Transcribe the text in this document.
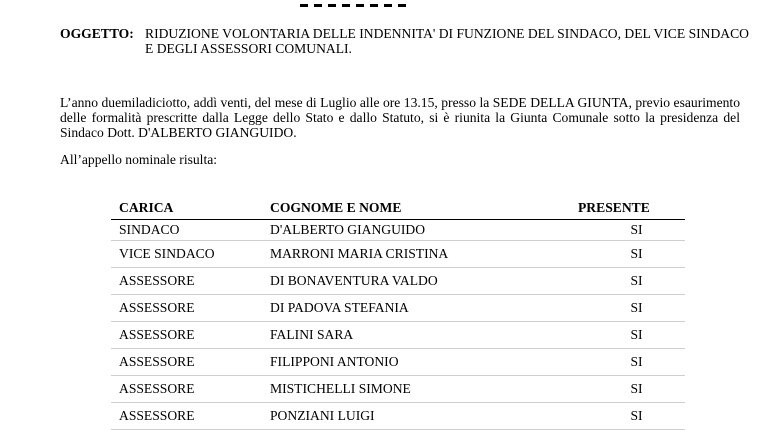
OGGETTO: RIDUZIONE VOLONTARIA DELLE INDENNITA' DI FUNZIONE DEL SINDACO, DEL VICE SINDACO E DEGLI ASSESSORI COMUNALI.
L’anno duemiladiciotto, addì venti, del mese di Luglio alle ore 13.15, presso la SEDE DELLA GIUNTA, previo esaurimento delle formalità prescritte dalla Legge dello Stato e dallo Statuto, si è riunita la Giunta Comunale sotto la presidenza del Sindaco Dott. D'ALBERTO GIANGUIDO.
All’appello nominale risulta:
CARICA	COGNOME E NOME	PRESENTE
SINDACO	D'ALBERTO GIANGUIDO	SI
VICE SINDACO	MARRONI MARIA CRISTINA	SI
ASSESSORE	DI BONAVENTURA VALDO	SI
ASSESSORE	DI PADOVA STEFANIA	SI
ASSESSORE	FALINI SARA	SI
ASSESSORE	FILIPPONI ANTONIO	SI
ASSESSORE	MISTICHELLI SIMONE	SI
ASSESSORE	PONZIANI LUIGI	SI
